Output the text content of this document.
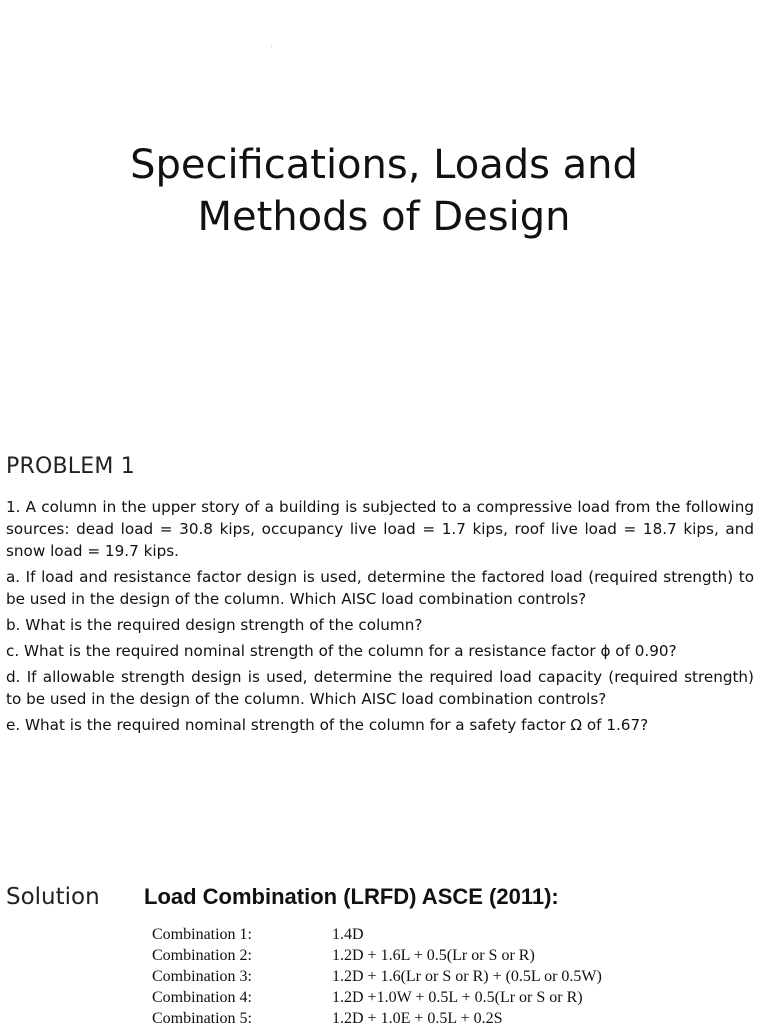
Specifications, Loads and
Methods of Design
PROBLEM 1

1. A column in the upper story of a building is subjected to a compressive load from the following sources: dead load = 30.8 kips, occupancy live load = 1.7 kips, roof live load = 18.7 kips, and snow load = 19.7 kips.

a. If load and resistance factor design is used, determine the factored load (required strength) to be used in the design of the column. Which AISC load combination controls?

b. What is the required design strength of the column?

c. What is the required nominal strength of the column for a resistance factor ϕ of 0.90?

d. If allowable strength design is used, determine the required load capacity (required strength) to be used in the design of the column. Which AISC load combination controls?

e. What is the required nominal strength of the column for a safety factor Ω of 1.67?

Solution Load Combination (LRFD) ASCE (2011):
Combination 1:	1.4D
Combination 2:	1.2D + 1.6L + 0.5(Lr or S or R)
Combination 3:	1.2D + 1.6(Lr or S or R) + (0.5L or 0.5W)
Combination 4:	1.2D +1.0W + 0.5L + 0.5(Lr or S or R)
Combination 5:	1.2D + 1.0E + 0.5L + 0.2S
